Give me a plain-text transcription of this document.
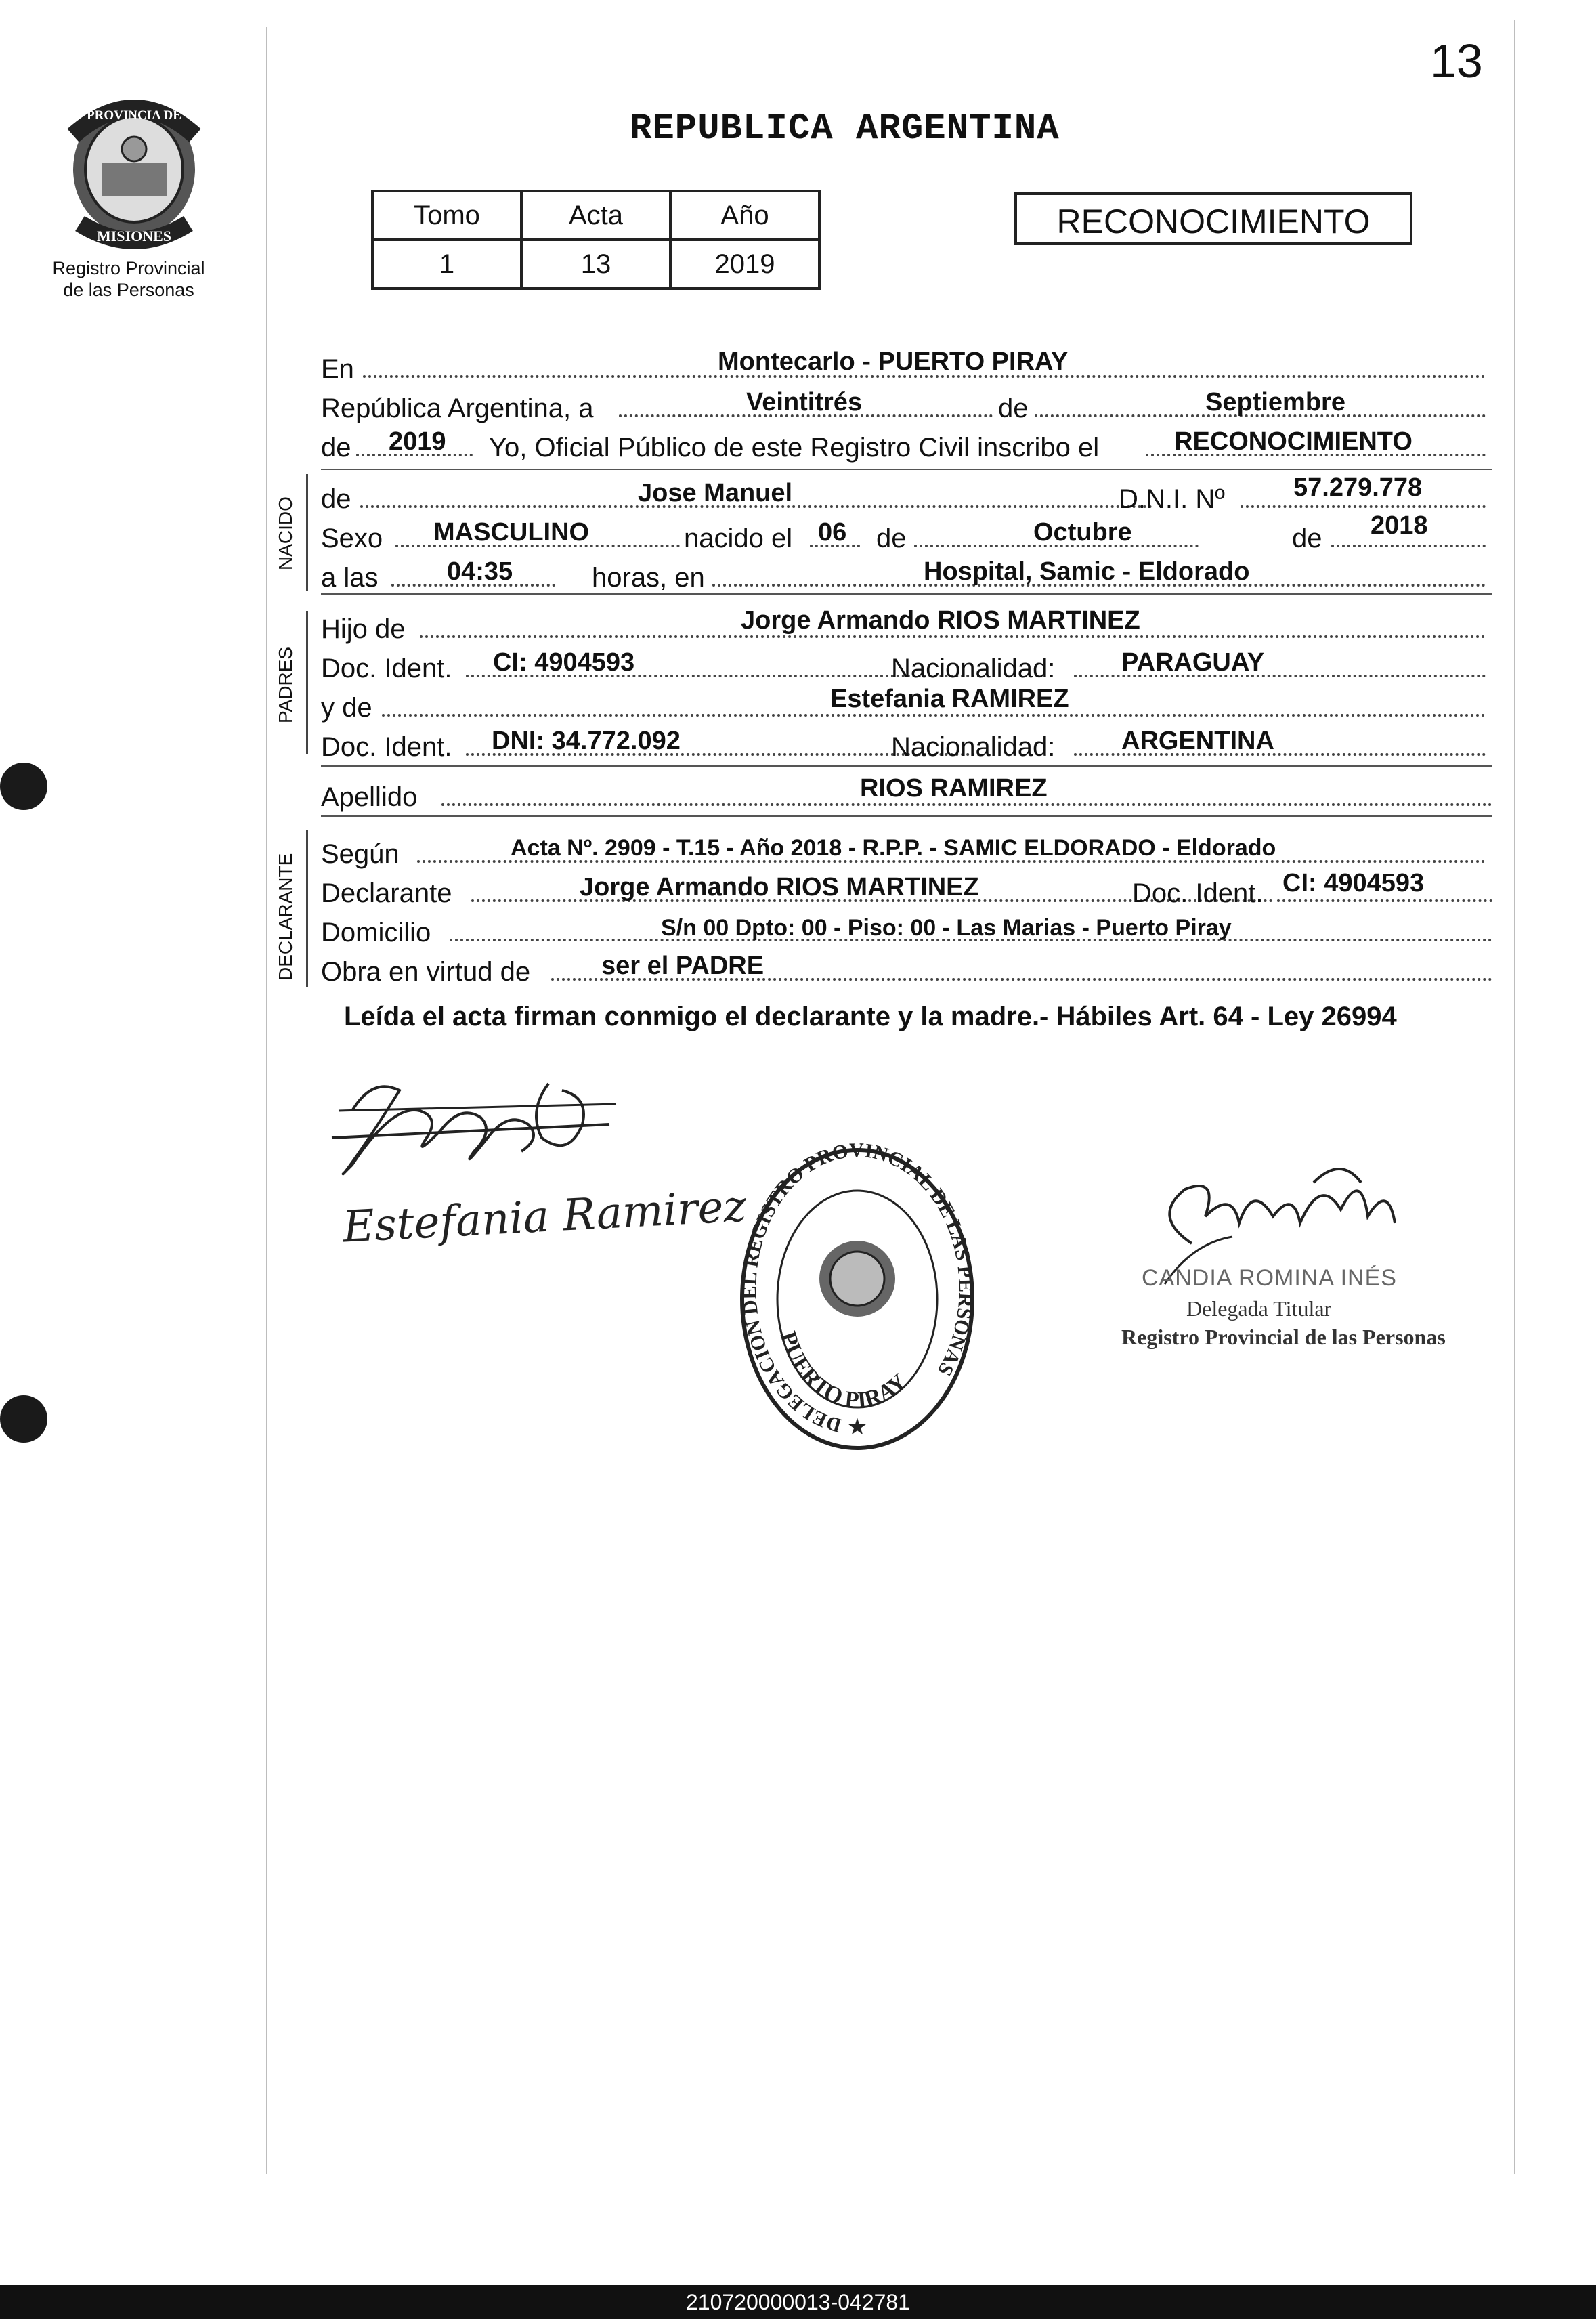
13
PROVINCIA DE
MISIONES
Registro Provincial
de las Personas
REPUBLICA ARGENTINA
Tomo	Acta	Año
1	13	2019
RECONOCIMIENTO
En	Montecarlo - PUERTO PIRAY
República Argentina, a	Veintitrés	de	Septiembre
de 2019 Yo, Oficial Público de este Registro Civil inscribo el	RECONOCIMIENTO
NACIDO de	Jose Manuel	D.N.I. Nº	57.279.778
Sexo MASCULINO	nacido el 06 de	Octubre	de 2018
a las	04:35	horas, en	Hospital, Samic - Eldorado
PADRES
Hijo de	Jorge Armando RIOS MARTINEZ
Doc. Ident. CI: 4904593	Nacionalidad:	PARAGUAY
y de	Estefania RAMIREZ
Doc. Ident. DNI: 34.772.092	Nacionalidad:	ARGENTINA
Apellido	RIOS RAMIREZ
DECLARANTE Según	Acta Nº. 2909 - T.15 - Año 2018 - R.P.P. - SAMIC ELDORADO - Eldorado
Declarante	Jorge Armando RIOS MARTINEZ	Doc. Ident. CI: 4904593
Domicilio	S/n 00 Dpto: 00 - Piso: 00 - Las Marias - Puerto Piray
Obra en virtud de	ser el PADRE
Leída el acta firman conmigo el declarante y la madre.- Hábiles Art. 64 - Ley 26994
Estefania Ramirez
DELEGACION DEL REGISTRO PROVINCIAL DE LAS PERSONAS
PUERTO PIRAY
★
CANDIA ROMINA INÉS
Delegada Titular
Registro Provincial de las Personas
210720000013-042781
